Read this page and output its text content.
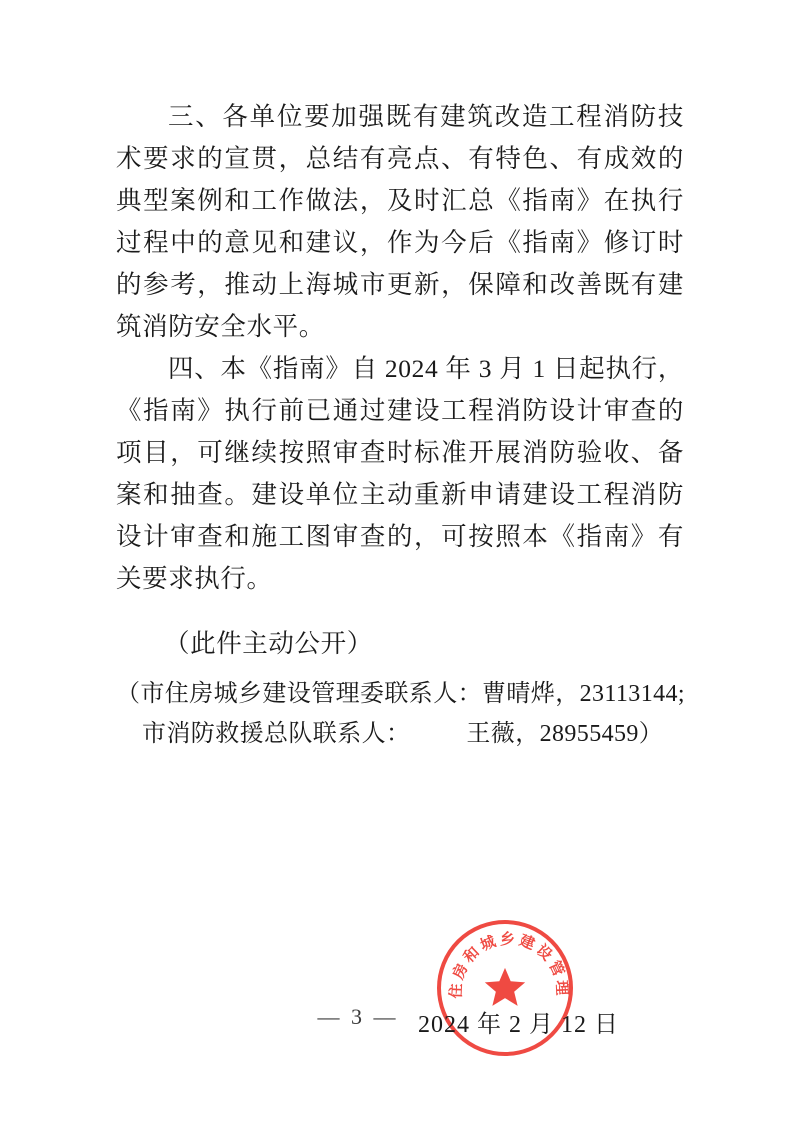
三、各单位要加强既有建筑改造工程消防技术要求的宣贯，总结有亮点、有特色、有成效的典型案例和工作做法，及时汇总《指南》在执行过程中的意见和建议，作为今后《指南》修订时的参考，推动上海城市更新，保障和改善既有建筑消防安全水平。

四、本《指南》自 2024 年 3 月 1 日起执行，《指南》执行前已通过建设工程消防设计审查的项目，可继续按照审查时标准开展消防验收、备案和抽查。建设单位主动重新申请建设工程消防设计审查和施工图审查的，可按照本《指南》有关要求执行。

上海市住房和城乡建设管理委员会
2024 年 2 月 12 日

（此件主动公开）

（市住房城乡建设管理委联系人：曹晴烨，23113144;

市消防救援总队联系人： 王薇，28955459）

— 3 —
